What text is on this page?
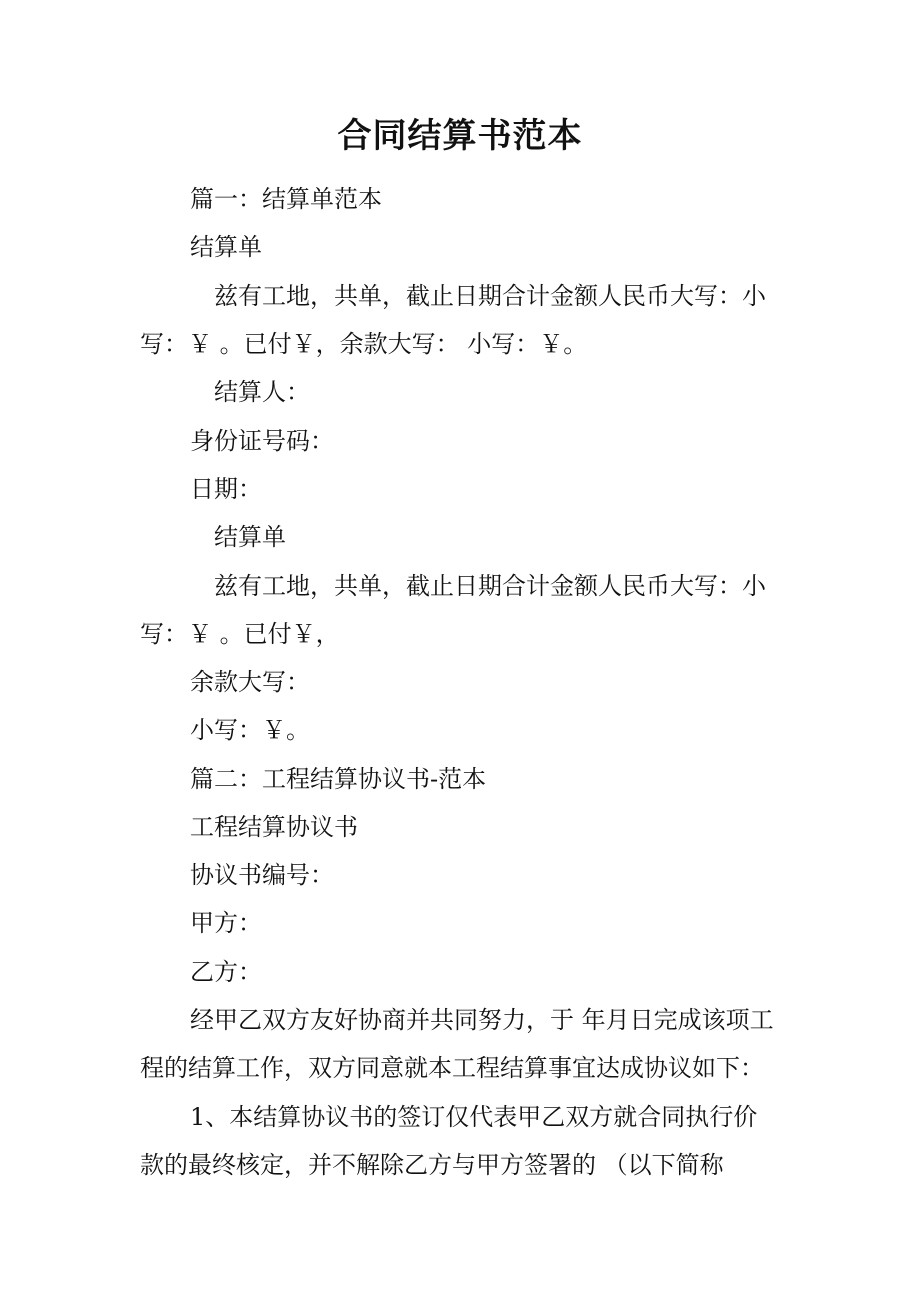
合同结算书范本

篇一：结算单范本

结算单

兹有工地，共单，截止日期合计金额人民币大写：小

写：￥ 。已付￥，余款大写： 小写：￥。

结算人：

身份证号码：

日期：

结算单

兹有工地，共单，截止日期合计金额人民币大写：小

写：￥ 。已付￥，

余款大写：

小写：￥。

篇二：工程结算协议书-范本

工程结算协议书

协议书编号：

甲方：

乙方：

经甲乙双方友好协商并共同努力，于 年月日完成该项工

程的结算工作，双方同意就本工程结算事宜达成协议如下：

1、本结算协议书的签订仅代表甲乙双方就合同执行价

款的最终核定，并不解除乙方与甲方签署的 （以下简称
